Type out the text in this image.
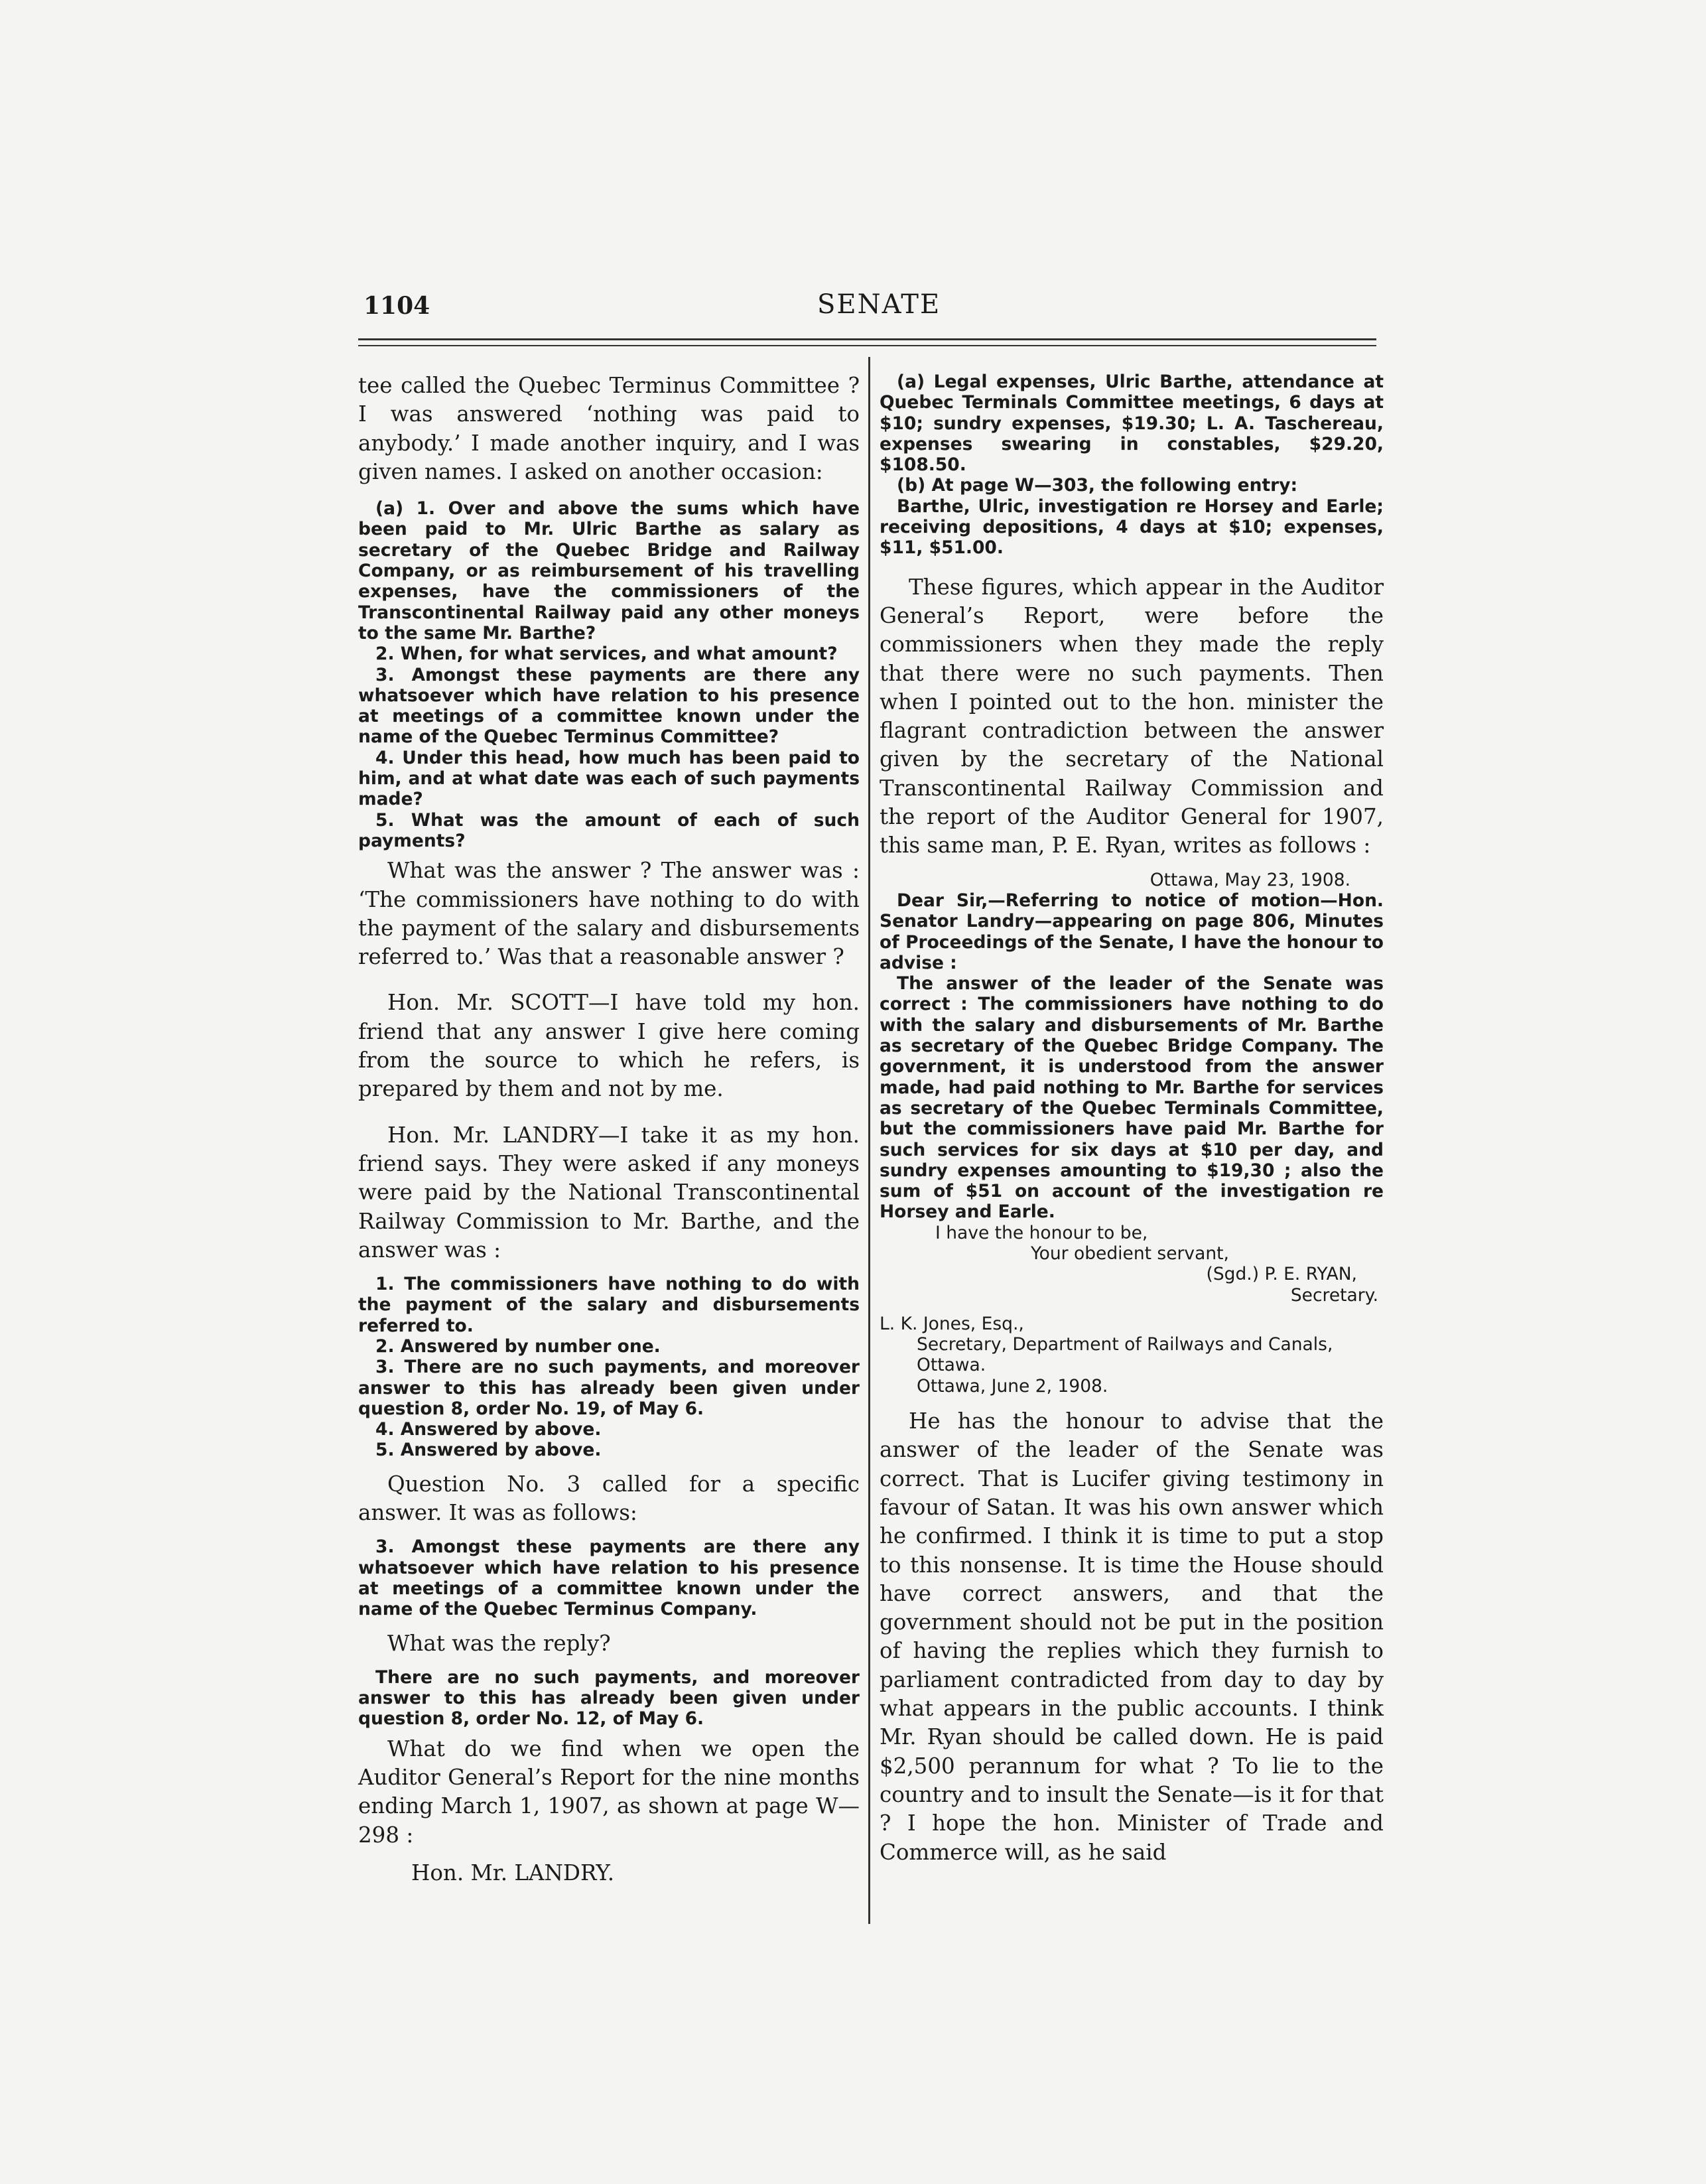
1104	SENATE

tee called the Quebec Terminus Committee ? I was answered ‘nothing was paid to anybody.’ I made another inquiry, and I was given names. I asked on another occasion:

(a) 1. Over and above the sums which have been paid to Mr. Ulric Barthe as salary as secretary of the Quebec Bridge and Railway Company, or as reimbursement of his travelling expenses, have the commissioners of the Transcontinental Railway paid any other moneys to the same Mr. Barthe?

2. When, for what services, and what amount?

3. Amongst these payments are there any whatsoever which have relation to his presence at meetings of a committee known under the name of the Quebec Terminus Committee?

4. Under this head, how much has been paid to him, and at what date was each of such payments made?

5. What was the amount of each of such payments?

What was the answer ? The answer was : ‘The commissioners have nothing to do with the payment of the salary and disbursements referred to.’ Was that a reasonable answer ?

Hon. Mr. SCOTT—I have told my hon. friend that any answer I give here coming from the source to which he refers, is prepared by them and not by me.

Hon. Mr. LANDRY—I take it as my hon. friend says. They were asked if any moneys were paid by the National Transcontinental Railway Commission to Mr. Barthe, and the answer was :

1. The commissioners have nothing to do with the payment of the salary and disbursements referred to.

2. Answered by number one.

3. There are no such payments, and moreover answer to this has already been given under question 8, order No. 19, of May 6.

4. Answered by above.

5. Answered by above.

Question No. 3 called for a specific answer. It was as follows:

3. Amongst these payments are there any whatsoever which have relation to his presence at meetings of a committee known under the name of the Quebec Terminus Company.

What was the reply?

There are no such payments, and moreover answer to this has already been given under question 8, order No. 12, of May 6.

What do we find when we open the Auditor General’s Report for the nine months ending March 1, 1907, as shown at page W—298 :

Hon. Mr. LANDRY.

(a) Legal expenses, Ulric Barthe, attendance at Quebec Terminals Committee meetings, 6 days at $10; sundry expenses, $19.30; L. A. Taschereau, expenses swearing in constables, $29.20, $108.50.

(b) At page W—303, the following entry:

Barthe, Ulric, investigation re Horsey and Earle; receiving depositions, 4 days at $10; expenses, $11, $51.00.

These figures, which appear in the Auditor General’s Report, were before the commissioners when they made the reply that there were no such payments. Then when I pointed out to the hon. minister the flagrant contradiction between the answer given by the secretary of the National Transcontinental Railway Commission and the report of the Auditor General for 1907, this same man, P. E. Ryan, writes as follows :

Ottawa, May 23, 1908.

Dear Sir,—Referring to notice of motion—Hon. Senator Landry—appearing on page 806, Minutes of Proceedings of the Senate, I have the honour to advise :

The answer of the leader of the Senate was correct : The commissioners have nothing to do with the salary and disbursements of Mr. Barthe as secretary of the Quebec Bridge Company. The government, it is understood from the answer made, had paid nothing to Mr. Barthe for services as secretary of the Quebec Terminals Committee, but the commissioners have paid Mr. Barthe for such services for six days at $10 per day, and sundry expenses amounting to $19,30 ; also the sum of $51 on account of the investigation re Horsey and Earle.

I have the honour to be,

Your obedient servant,

(Sgd.) P. E. RYAN,

Secretary.

L. K. Jones, Esq.,

Secretary, Department of Railways and Canals, Ottawa.

Ottawa, June 2, 1908.

He has the honour to advise that the answer of the leader of the Senate was correct. That is Lucifer giving testimony in favour of Satan. It was his own answer which he confirmed. I think it is time to put a stop to this nonsense. It is time the House should have correct answers, and that the government should not be put in the position of having the replies which they furnish to parliament contradicted from day to day by what appears in the public accounts. I think Mr. Ryan should be called down. He is paid $2,500 perannum for what ? To lie to the country and to insult the Senate—is it for that ? I hope the hon. Minister of Trade and Commerce will, as he said
